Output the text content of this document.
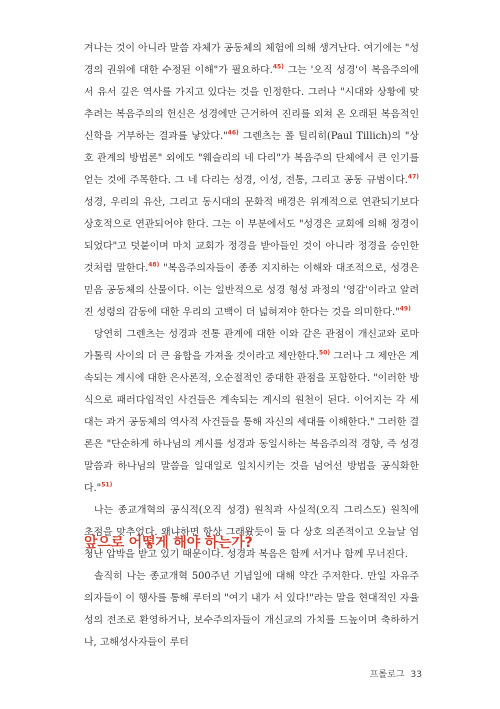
겨나는 것이 아니라 말씀 자체가 공동체의 체험에 의해 생겨난다. 여기에는 "성경의 권위에 대한 수정된 이해"가 필요하다.$^{45)}$ 그는 '오직 성경'이 복음주의에서 유서 깊은 역사를 가지고 있다는 것을 인정한다. 그러나 "시대와 상황에 맞추려는 복음주의의 헌신은 성경에만 근거하여 진리를 외쳐 온 오래된 복음적인 신학을 거부하는 결과를 낳았다."$^{46)}$ 그렌츠는 폴 틸리히(Paul Tillich)의 "상호 관계의 방법론" 외에도 "웨슬리의 네 다리"가 복음주의 단체에서 큰 인기를 얻는 것에 주목한다. 그 네 다리는 성경, 이성, 전통, 그리고 공동 규범이다.$^{47)}$ 성경, 우리의 유산, 그리고 동시대의 문화적 배경은 위계적으로 연관되기보다 상호적으로 연관되어야 한다. 그는 이 부분에서도 "성경은 교회에 의해 정경이 되었다"고 덧붙이며 마치 교회가 정경을 받아들인 것이 아니라 정경을 승인한 것처럼 말한다.$^{48)}$ "복음주의자들이 종종 지지하는 이해와 대조적으로, 성경은 믿음 공동체의 산물이다. 이는 일반적으로 성경 형성 과정의 '영감'이라고 알려진 성령의 감동에 대한 우리의 고백이 더 넓혀져야 한다는 것을 의미한다."$^{49)}$

당연히 그렌츠는 성경과 전통 관계에 대한 이와 같은 관점이 개신교와 로마 가톨릭 사이의 더 큰 융합을 가져올 것이라고 제안한다.$^{50)}$ 그러나 그 제안은 계속되는 계시에 대한 은사론적, 오순절적인 중대한 관점을 포함한다. "이러한 방식으로 패러다임적인 사건들은 계속되는 계시의 원천이 된다. 이어지는 각 세대는 과거 공동체의 역사적 사건들을 통해 자신의 세대를 이해한다." 그러한 결론은 "단순하게 하나님의 계시를 성경과 동일시하는 복음주의적 경향, 즉 성경말씀과 하나님의 말씀을 일대일로 일치시키는 것을 넘어선 방법을 공식화한다."$^{51)}$

나는 종교개혁의 공식적(오직 성경) 원칙과 사실적(오직 그리스도) 원칙에 초점을 맞추었다. 왜냐하면 항상 그래왔듯이 둘 다 상호 의존적이고 오늘날 엄청난 압박을 받고 있기 때문이다. 성경과 복음은 함께 서거나 함께 무너진다.

앞으로 어떻게 해야 하는가?

솔직히 나는 종교개혁 500주년 기념일에 대해 약간 주저한다. 만일 자유주의자들이 이 행사를 통해 루터의 "여기 내가 서 있다!"라는 말을 현대적인 자율성의 전조로 환영하거나, 보수주의자들이 개신교의 가치를 드높이며 축하하거나, 고해성사자들이 루터

프롤로그 33
